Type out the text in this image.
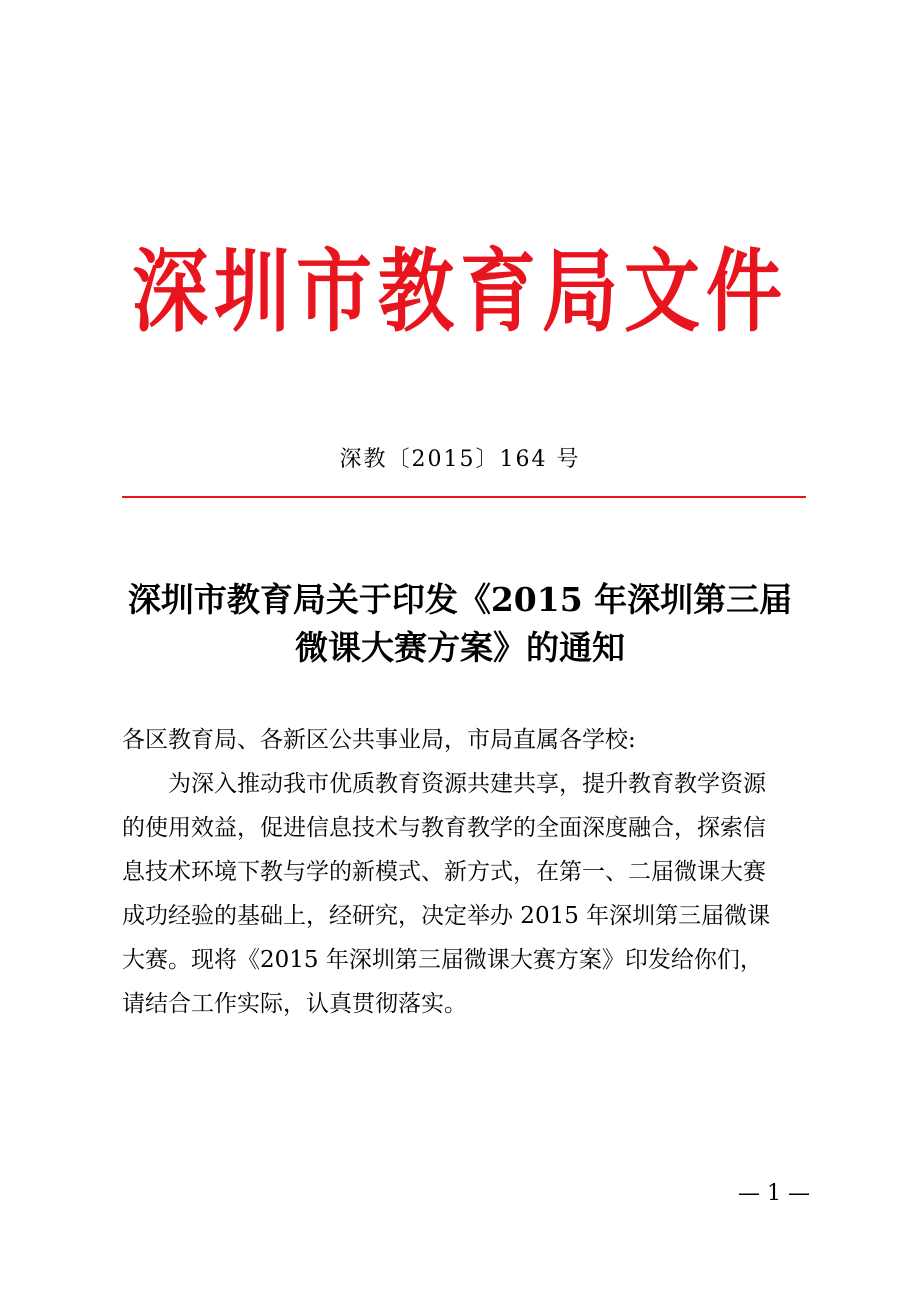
深圳市教育局文件
深教〔2015〕164 号
深圳市教育局关于印发《2015 年深圳第三届
微课大赛方案》的通知
各区教育局、各新区公共事业局，市局直属各学校:
为深入推动我市优质教育资源共建共享，提升教育教学资源
的使用效益，促进信息技术与教育教学的全面深度融合，探索信
息技术环境下教与学的新模式、新方式，在第一、二届微课大赛
成功经验的基础上，经研究，决定举办 2015 年深圳第三届微课
大赛。现将《2015 年深圳第三届微课大赛方案》印发给你们，
请结合工作实际，认真贯彻落实。
— 1 —
